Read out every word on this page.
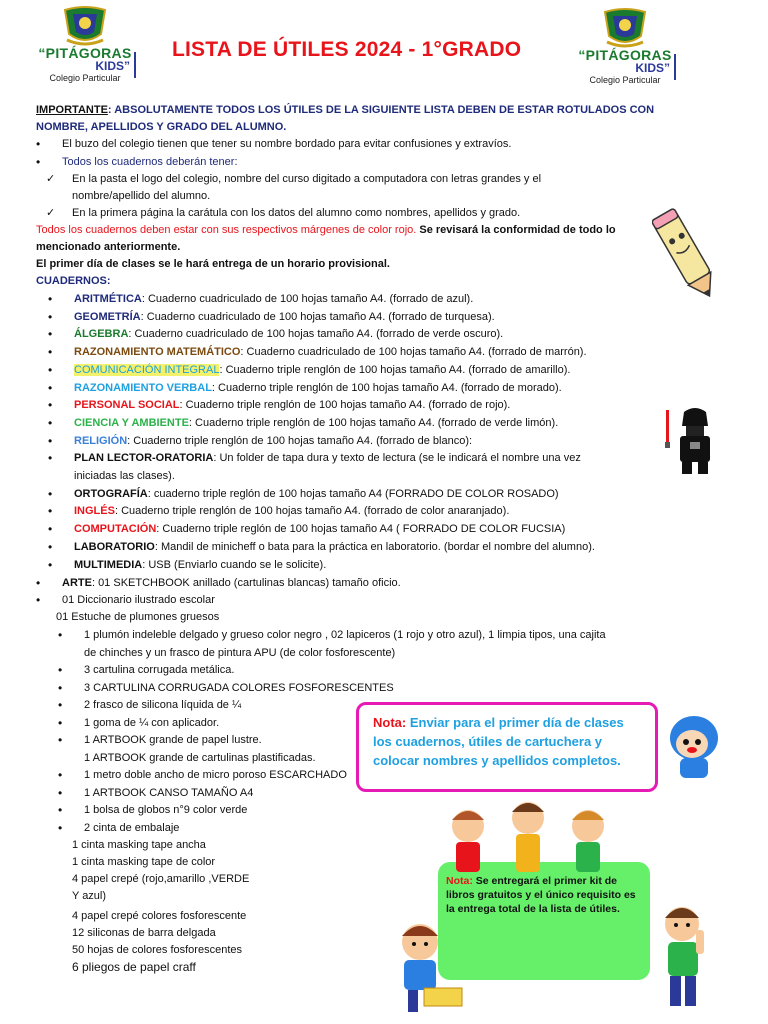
“PITÁGORAS
KIDS”
Colegio Particular
LISTA DE ÚTILES 2024 - 1°GRADO	“PITÁGORAS
KIDS”
Colegio Particular
IMPORTANTE: ABSOLUTAMENTE TODOS LOS ÚTILES DE LA SIGUIENTE LISTA DEBEN DE ESTAR ROTULADOS CON
NOMBRE, APELLIDOS Y GRADO DEL ALUMNO.
• El buzo del colegio tienen que tener su nombre bordado para evitar confusiones y extravíos.
• Todos los cuadernos deberán tener:
✓ En la pasta el logo del colegio, nombre del curso digitado a computadora con letras grandes y el
nombre/apellido del alumno.
✓ En la primera página la carátula con los datos del alumno como nombres, apellidos y grado.
Todos los cuadernos deben estar con sus respectivos márgenes de color rojo. Se revisará la conformidad de todo lo
mencionado anteriormente.
El primer día de clases se le hará entrega de un horario provisional.
CUADERNOS:
• ARITMÉTICA: Cuaderno cuadriculado de 100 hojas tamaño A4. (forrado de azul).
• GEOMETRÍA: Cuaderno cuadriculado de 100 hojas tamaño A4. (forrado de turquesa).
• ÁLGEBRA: Cuaderno cuadriculado de 100 hojas tamaño A4. (forrado de verde oscuro).
• RAZONAMIENTO MATEMÁTICO: Cuaderno cuadriculado de 100 hojas tamaño A4. (forrado de marrón).
• COMUNICACIÓN INTEGRAL: Cuaderno triple renglón de 100 hojas tamaño A4. (forrado de amarillo).
• RAZONAMIENTO VERBAL: Cuaderno triple renglón de 100 hojas tamaño A4. (forrado de morado).
• PERSONAL SOCIAL: Cuaderno triple renglón de 100 hojas tamaño A4. (forrado de rojo).
• CIENCIA Y AMBIENTE: Cuaderno triple renglón de 100 hojas tamaño A4. (forrado de verde limón).
• RELIGIÓN: Cuaderno triple renglón de 100 hojas tamaño A4. (forrado de blanco):
• PLAN LECTOR-ORATORIA: Un folder de tapa dura y texto de lectura (se le indicará el nombre una vez
iniciadas las clases).
• ORTOGRAFÍA: cuaderno triple reglón de 100 hojas tamaño A4 (FORRADO DE COLOR ROSADO)
• INGLÉS: Cuaderno triple renglón de 100 hojas tamaño A4. (forrado de color anaranjado).
• COMPUTACIÓN: Cuaderno triple reglón de 100 hojas tamaño A4 ( FORRADO DE COLOR FUCSIA)
• LABORATORIO: Mandil de minicheff o bata para la práctica en laboratorio. (bordar el nombre del alumno).
• MULTIMEDIA: USB (Enviarlo cuando se le solicite).
• ARTE: 01 SKETCHBOOK anillado (cartulinas blancas) tamaño oficio.
• 01 Diccionario ilustrado escolar
01 Estuche de plumones gruesos
• 1 plumón indeleble delgado y grueso color negro , 02 lapiceros (1 rojo y otro azul), 1 limpia tipos, una cajita
de chinches y un frasco de pintura APU (de color fosforescente)
• 3 cartulina corrugada metálica.
• 3 CARTULINA CORRUGADA COLORES FOSFORESCENTES
• 2 frasco de silicona líquida de ¼
• 1 goma de ¼ con aplicador.
• 1 ARTBOOK grande de papel lustre.
1 ARTBOOK grande de cartulinas plastificadas.
• 1 metro doble ancho de micro poroso ESCARCHADO
• 1 ARTBOOK CANSO TAMAÑO A4
• 1 bolsa de globos n°9 color verde
• 2 cinta de embalaje
1 cinta masking tape ancha
1 cinta masking tape de color
4 papel crepé (rojo,amarillo ,VERDE
Y azul)
4 papel crepé colores fosforescente
12 siliconas de barra delgada
50 hojas de colores fosforescentes
6 pliegos de papel craff
Nota: Enviar para el primer día de clases los cuadernos, útiles de cartuchera y colocar nombres y apellidos completos.
Nota: Se entregará el primer kit de libros gratuitos y el único requisito es la entrega total de la lista de útiles.
